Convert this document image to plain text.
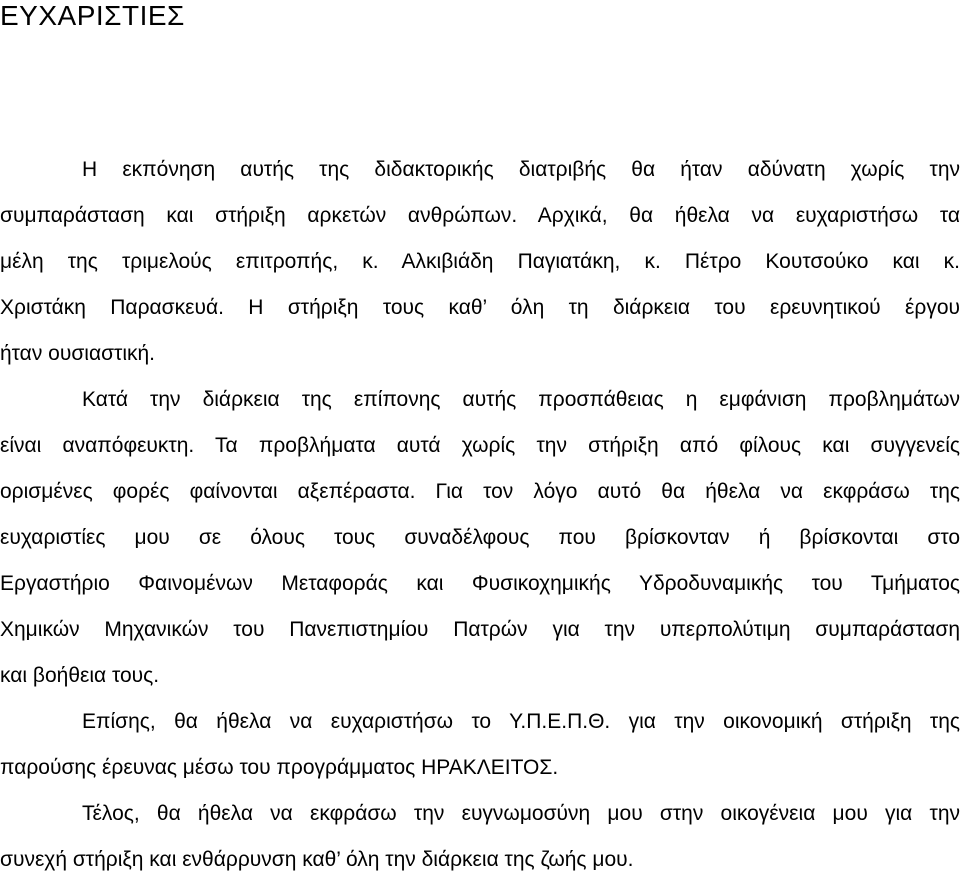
ΕΥΧΑΡΙΣΤΙΕΣ

Η εκπόνηση αυτής της διδακτορικής διατριβής θα ήταν αδύνατη χωρίς την

συμπαράσταση και στήριξη αρκετών ανθρώπων. Αρχικά, θα ήθελα να ευχαριστήσω τα

μέλη της τριμελούς επιτροπής, κ. Αλκιβιάδη Παγιατάκη, κ. Πέτρο Κουτσούκο και κ.

Χριστάκη Παρασκευά. Η στήριξη τους καθ’ όλη τη διάρκεια του ερευνητικού έργου

ήταν ουσιαστική.

Κατά την διάρκεια της επίπονης αυτής προσπάθειας η εμφάνιση προβλημάτων

είναι αναπόφευκτη. Τα προβλήματα αυτά χωρίς την στήριξη από φίλους και συγγενείς

ορισμένες φορές φαίνονται αξεπέραστα. Για τον λόγο αυτό θα ήθελα να εκφράσω της

ευχαριστίες μου σε όλους τους συναδέλφους που βρίσκονταν ή βρίσκονται στο

Εργαστήριο Φαινομένων Μεταφοράς και Φυσικοχημικής Υδροδυναμικής του Τμήματος

Χημικών Μηχανικών του Πανεπιστημίου Πατρών για την υπερπολύτιμη συμπαράσταση

και βοήθεια τους.

Επίσης, θα ήθελα να ευχαριστήσω το Υ.Π.Ε.Π.Θ. για την οικονομική στήριξη της

παρούσης έρευνας μέσω του προγράμματος ΗΡΑΚΛΕΙΤΟΣ.

Τέλος, θα ήθελα να εκφράσω την ευγνωμοσύνη μου στην οικογένεια μου για την

συνεχή στήριξη και ενθάρρυνση καθ’ όλη την διάρκεια της ζωής μου.
